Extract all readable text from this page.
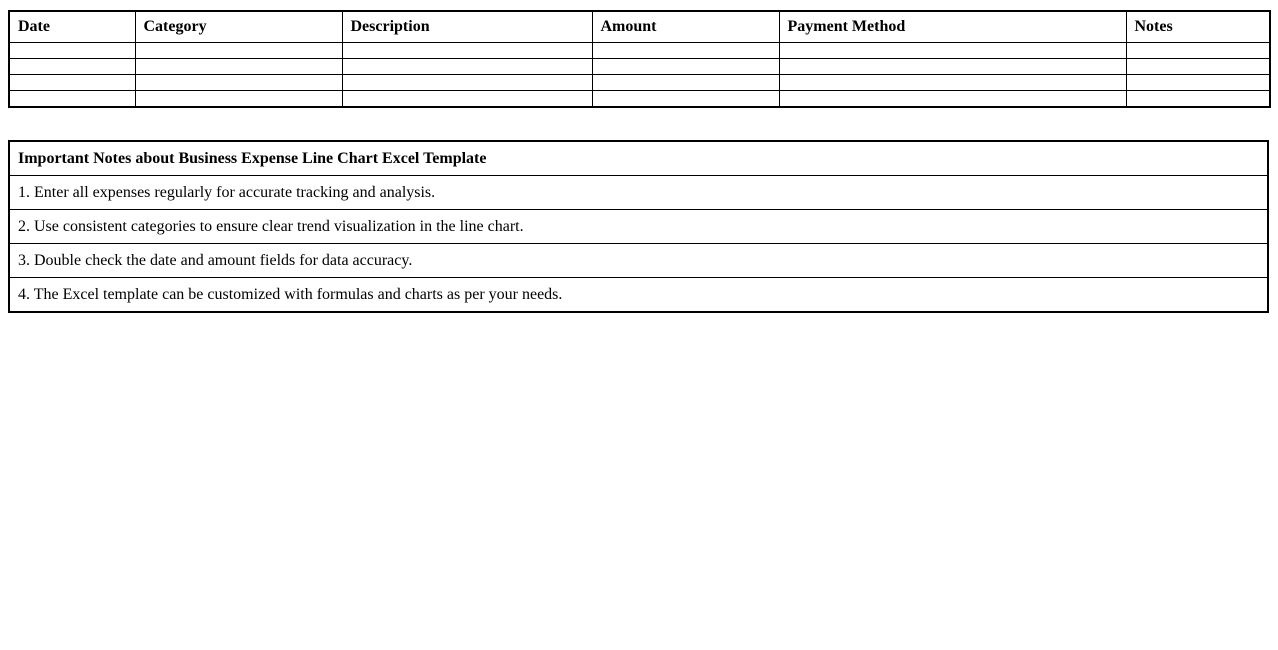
Date	Category	Description	Amount	Payment Method	Notes

Important Notes about Business Expense Line Chart Excel Template
1. Enter all expenses regularly for accurate tracking and analysis.
2. Use consistent categories to ensure clear trend visualization in the line chart.
3. Double check the date and amount fields for data accuracy.
4. The Excel template can be customized with formulas and charts as per your needs.
